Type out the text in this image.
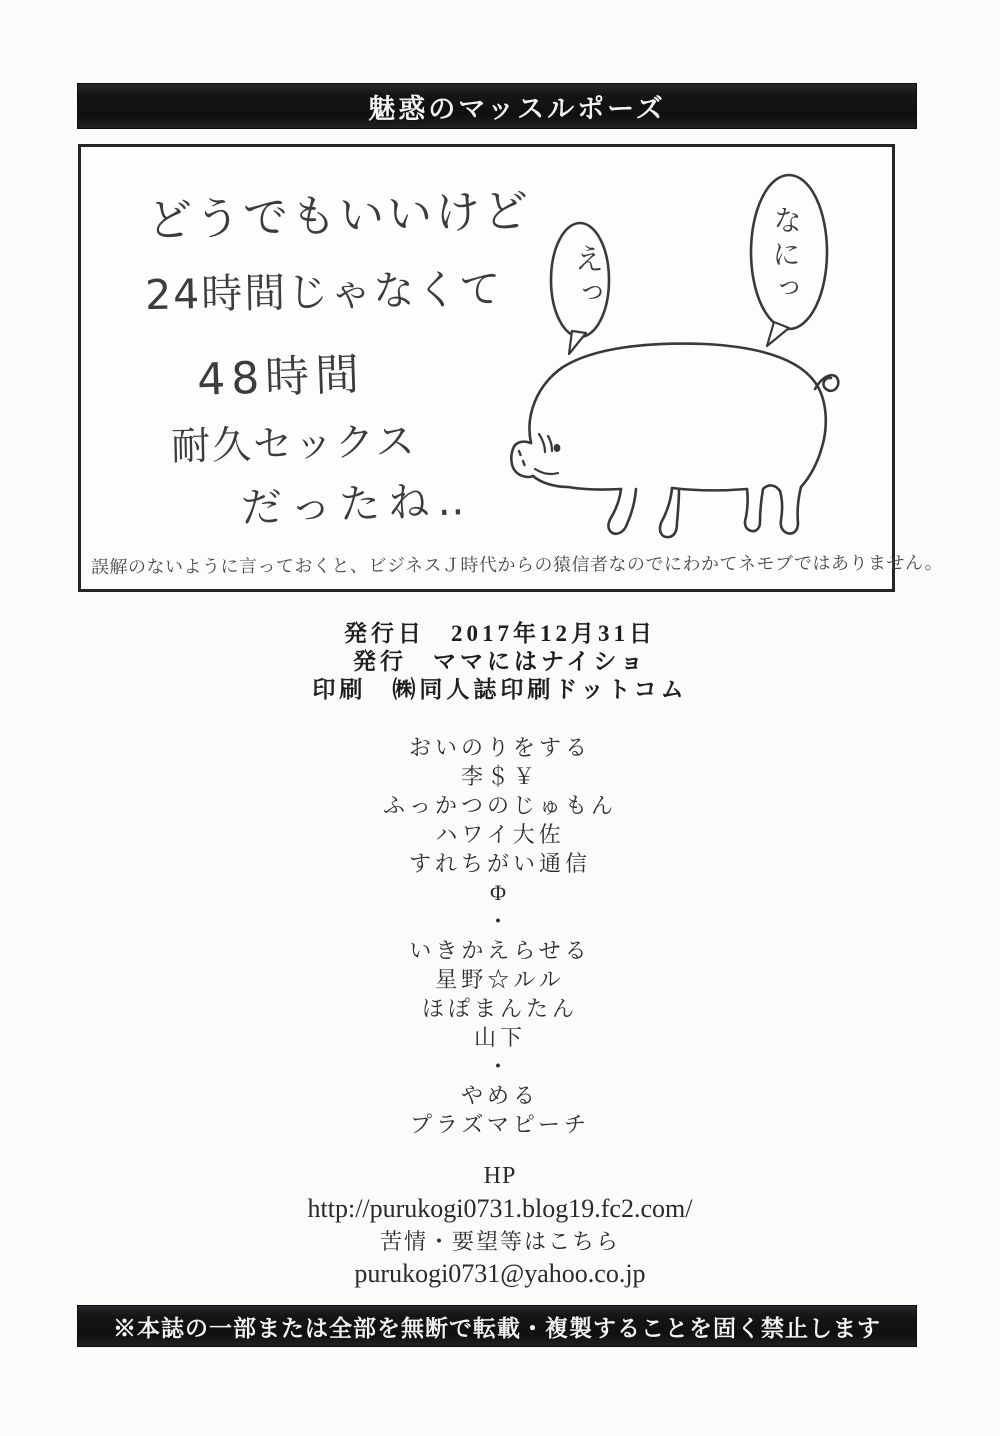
魅惑のマッスルポーズ
どうでもいいけど
24時間じゃなくて
48時間
耐久セックス
だったね‥
えっ	なにっ
誤解のないように言っておくと、ビジネスＪ時代からの猿信者なのでにわかてネモブではありません。
発行日 2017年12月31日
発行 ママにはナイショ
印刷 ㈱同人誌印刷ドットコム
おいのりをする
李＄￥
ふっかつのじゅもん
ハワイ大佐
すれちがい通信
Φ
・
いきかえらせる
星野☆ルル
ほぽまんたん
山下
・
やめる
プラズマピーチ
HP
http://purukogi0731.blog19.fc2.com/
苦情・要望等はこちら
purukogi0731@yahoo.co.jp
※本誌の一部または全部を無断で転載・複製することを固く禁止します
